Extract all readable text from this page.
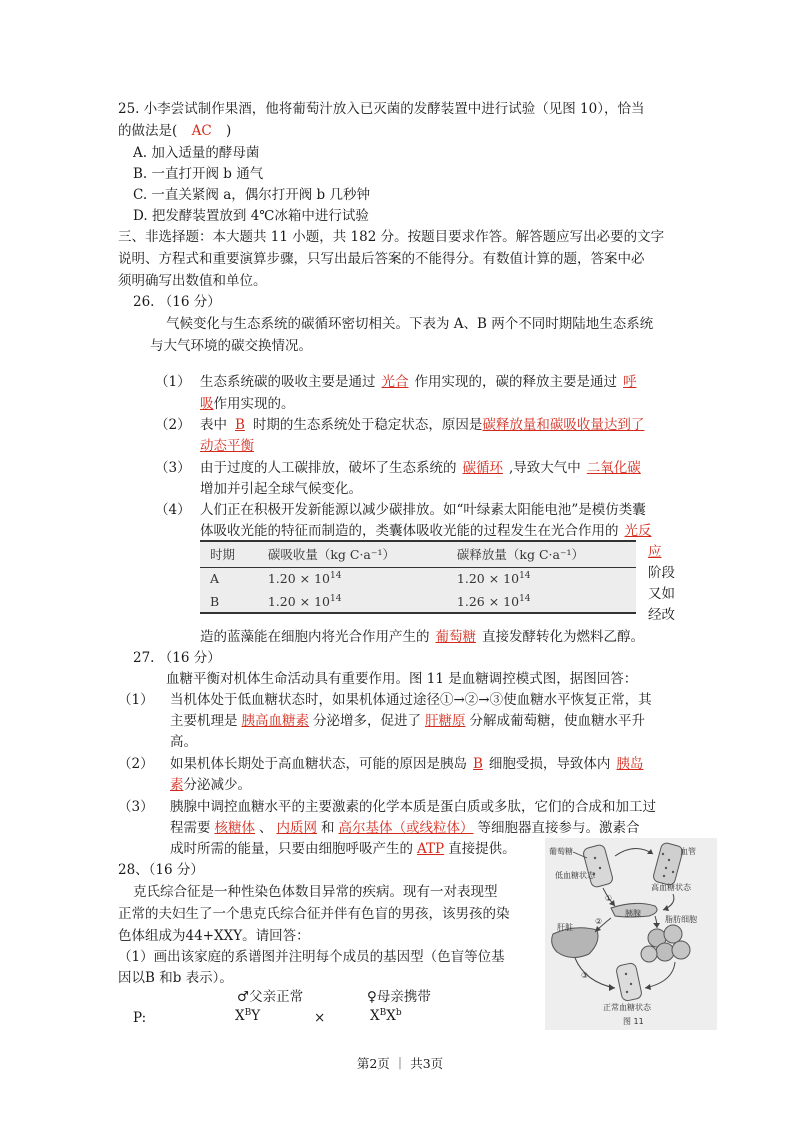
25. 小李尝试制作果酒，他将葡萄汁放入已灭菌的发酵装置中进行试验（见图 10），恰当
的做法是( AC )
A. 加入适量的酵母菌
B. 一直打开阀 b 通气
C. 一直关紧阀 a，偶尔打开阀 b 几秒钟
D. 把发酵装置放到 4℃冰箱中进行试验
三、非选择题：本大题共 11 小题，共 182 分。按题目要求作答。解答题应写出必要的文字
说明、方程式和重要演算步骤，只写出最后答案的不能得分。有数值计算的题，答案中必
须明确写出数值和单位。
26. （16 分）
气候变化与生态系统的碳循环密切相关。下表为 A、B 两个不同时期陆地生态系统
与大气环境的碳交换情况。
（1） 生态系统碳的吸收主要是通过 光合 作用实现的，碳的释放主要是通过 呼
吸作用实现的。
（2） 表中 B 时期的生态系统处于稳定状态，原因是碳释放量和碳吸收量达到了
动态平衡
（3） 由于过度的人工碳排放，破坏了生态系统的 碳循环 ,导致大气中 二氧化碳
增加并引起全球气候变化。
（4） 人们正在积极开发新能源以减少碳排放。如“叶绿素太阳能电池”是模仿类囊
体吸收光能的特征而制造的，类囊体吸收光能的过程发生在光合作用的 光反
应
阶段
又如
经改
时期	碳吸收量（kg C·a⁻¹）	碳释放量（kg C·a⁻¹）
A	$1.20 \times 10^{14}$	$1.20 \times 10^{14}$
B	$1.20 \times 10^{14}$	$1.26 \times 10^{14}$
造的蓝藻能在细胞内将光合作用产生的 葡萄糖 直接发酵转化为燃料乙醇。
27. （16 分）
血糖平衡对机体生命活动具有重要作用。图 11 是血糖调控模式图，据图回答：
（1） 当机体处于低血糖状态时，如果机体通过途径①→②→③使血糖水平恢复正常，其
主要机理是 胰高血糖素 分泌增多，促进了 肝糖原 分解成葡萄糖，使血糖水平升
高。
（2） 如果机体长期处于高血糖状态，可能的原因是胰岛 B 细胞受损，导致体内 胰岛
素分泌减少。
（3） 胰腺中调控血糖水平的主要激素的化学本质是蛋白质或多肽，它们的合成和加工过
程需要 核糖体 、 内质网 和 高尔基体（或线粒体） 等细胞器直接参与。激素合
成时所需的能量，只要由细胞呼吸产生的 ATP 直接提供。
28、（16 分）
克氏综合征是一种性染色体数目异常的疾病。现有一对表现型
正常的夫妇生了一个患克氏综合征并伴有色盲的男孩，该男孩的染
色体组成为44+XXY。请回答：
（1）画出该家庭的系谱图并注明每个成员的基因型（色盲等位基
因以B 和b 表示）。
♂父亲正常	♀母亲携带
P:	$X^BY$	×	$X^BX^b$
葡萄糖
低血糖状态
血管
高血糖状态
①
胰腺
肝脏
②	脂肪细胞
③
正常血糖状态
图 11
第2页 ｜ 共3页
